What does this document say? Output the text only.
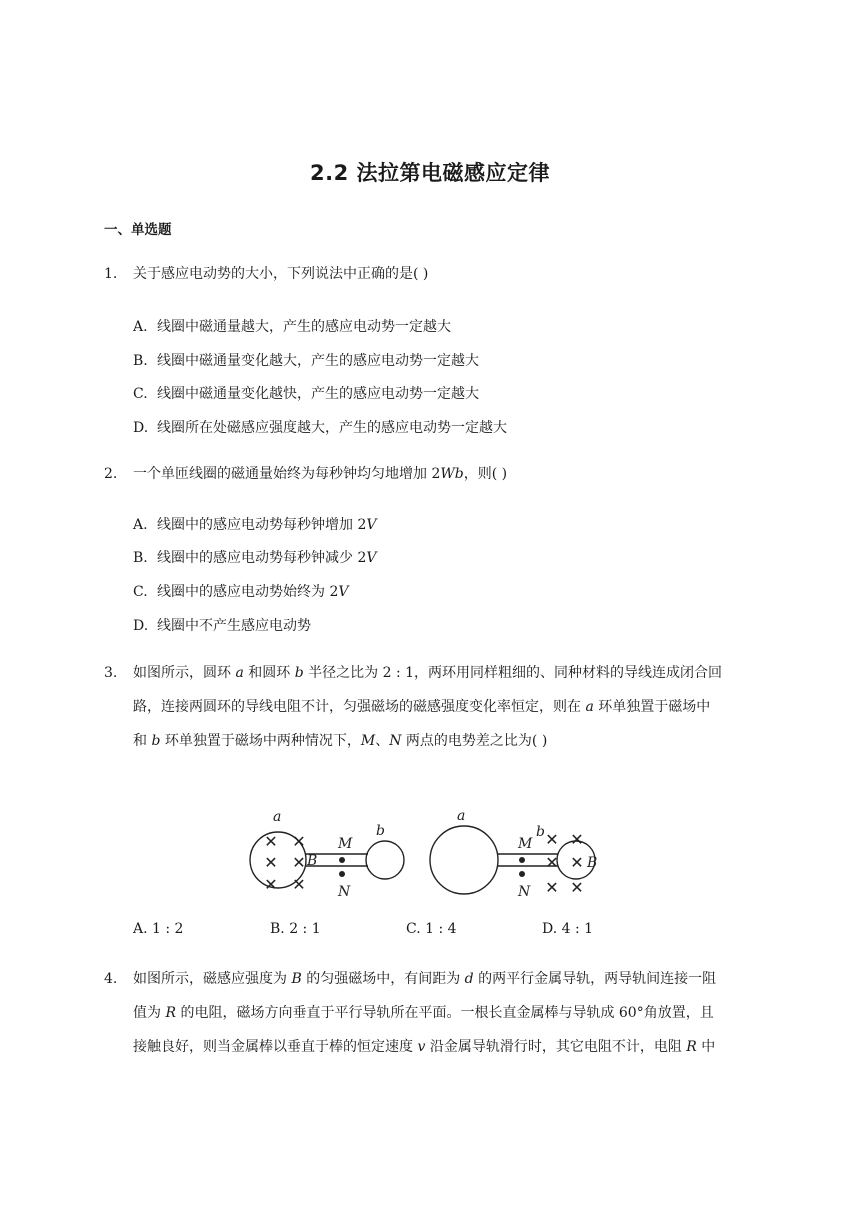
2.2 法拉第电磁感应定律
一、单选题
1. 关于感应电动势的大小，下列说法中正确的是( )
A. 线圈中磁通量越大，产生的感应电动势一定越大
B. 线圈中磁通量变化越大，产生的感应电动势一定越大
C. 线圈中磁通量变化越快，产生的感应电动势一定越大
D. 线圈所在处磁感应强度越大，产生的感应电动势一定越大
2. 一个单匝线圈的磁通量始终为每秒钟均匀地增加 2Wb，则( )
A. 线圈中的感应电动势每秒钟增加 2V
B. 线圈中的感应电动势每秒钟减少 2V
C. 线圈中的感应电动势始终为 2V
D. 线圈中不产生感应电动势
3. 如图所示，圆环 a 和圆环 b 半径之比为 2 : 1，两环用同样粗细的、同种材料的导线连成闭合回
路，连接两圆环的导线电阻不计，匀强磁场的磁感强度变化率恒定，则在 a 环单独置于磁场中
和 b 环单独置于磁场中两种情况下，M、N 两点的电势差之比为( )
✕ ✕
✕ ✕
✕ ✕
✕ ✕
✕ ✕
✕ ✕
a
B
M
N
b
a
M
N
b
B
A. 1 : 2	B. 2 : 1	C. 1 : 4	D. 4 : 1
4. 如图所示，磁感应强度为 B 的匀强磁场中，有间距为 d 的两平行金属导轨，两导轨间连接一阻
值为 R 的电阻，磁场方向垂直于平行导轨所在平面。一根长直金属棒与导轨成 60°角放置，且
接触良好，则当金属棒以垂直于棒的恒定速度 v 沿金属导轨滑行时，其它电阻不计，电阻 R 中
